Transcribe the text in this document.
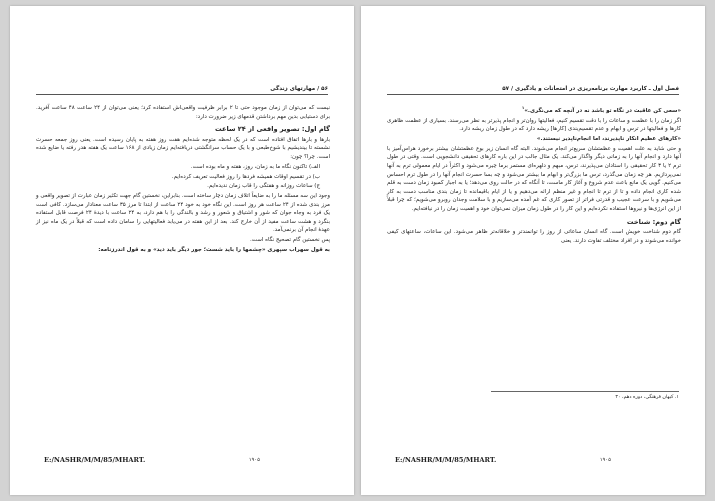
۵۶ / مهارتهای زندگی

نیست که می‌توان از زمان موجود حتی تا ۲ برابر ظرفیت واقعی‌اش استفاده کرد؛ یعنی می‌توان از ۲۴ ساعت ۴۸ ساعت آفرید. برای دستیابی بدین مهم برداشتن قدمهای زیر ضرورت دارد:

گام اول: تصویر واقعی از ۲۴ ساعت

بارها و بارها اتفاق افتاده است که در یک لحظه متوجه شده‌ایم هفت روز هفته به پایان رسیده است. یعنی روز جمعه حسرت نشسته تا بیندیشیم با شوخ‌طبعی و با یک حساب سرانگشتی دریافته‌ایم زمان زیادی از ۱۶۸ ساعت یک هفته هدر رفته یا ضایع شده است. چرا؟ چون:

الف) تاکنون نگاه ما به زمان، روز، هفته و ماه بوده است.

ب) در تقسیم اوقات همیشه فردها را روز فعالیت تعریف کرده‌ایم.

ج) ساعات روزانه و هفتگی را قاب زمان ندیده‌ایم.

وجود این سه مسئله ما را به ضایعاً اتلاف زمان دچار ساخته است. بنابراین، نخستین گام جهت تکثیر زمان عبارت از تصویر واقعی و مرز بندی شده از ۲۴ ساعت هر روز است. این نگاه خود به خود ۲۴ ساعت از ابتدا تا مرز ۳۵ ساعت معنادار می‌سازد. کافی است یک فرد به وجاه جوان که شور و اشتیاق و شعور و رشد و بالندگی را با هم دارد، به ۲۴ ساعت با دیدهٔ ۲۴ فرصت قابل استفاده بنگرد و هشت ساعت مفید از آن خارج کند. بعد از این هفته در می‌یابد فعالیتهایی را سامان داده است که قبلاً در یک ماه نیز از عهدهٔ انجام آن برنمی‌آمد.

پس نخستین گام تصحیح نگاه است.

به قول سهراب سپهری «چشمها را باید شست؛ جور دیگر باید دید» و به قول اندرزنامه:

E:/NASHR/M/M/85/MHART.	۱۹۰۵
فصل اول ـ کاربرد مهارت برنامه‌ریزی در امتحانات و یادگیری / ۵۷

«سعی کن عاقبت در نگاه تو باشد نه در آنچه که می‌نگری.»$^۱$

اگر زمان را با عظمت و ساعات را با دقت تقسیم کنیم، فعالیتها روان‌تر و انجام پذیرتر به نظر می‌رسند. بسیاری از عظمت ظاهری کارها و فعالیتها در ترس و ابهام و عدم تقسیم‌بندی [کارها] ریشه دارد که در طول زمان ریشه دارد.

«کارهای عظیم انکار ناپذیرند، اما انجام‌ناپذیر نیستند.»

و حتی شاید به علت اهمیت و عظمتشان سریع‌تر انجام می‌شوند. البته گاه انسان زیر بوع عظمتشان بیشتر برخورد هراس‌آمیز با آنها دارد و انجام آنها را به زمانی دیگر واگذار می‌کند. یک مثال جالب در این باره کارهای تحقیقی دانشجویی است. وقتی در طول ترم ۲ یا ۳ کار تحقیقی را استادان می‌پذیرند، ترس، مبهم و دلهره‌ای مستمر برما چیره می‌شود و اکثراً در ایام معمولی ترم به آنها نمی‌پردازیم. هر چه زمان می‌گذرد، ترس ما بزرگ‌تر و ابهام ما بیشتر می‌شود و چه بسا حسرت انجام آنها را در طول ترم احساس می‌کنیم. گویی یک مانع باعث عدم شروع و آغاز کار ماست، تا آنگاه که در حالت روی می‌دهد؛ یا به اجبار کمبود زمان دست به قلم شده کاری انجام داده و تا از ترم تا انجام و غیر منظم ارائه می‌دهیم و یا از ایام باقیمانده تا زمان بندی مناسب دست به کار می‌شویم و با سرعت عجیب و قدرتی فراتر از تصور کاری که غم آمده می‌سازیم و با سلامت وجدان روبرو می‌شویم؛ که چرا قبلاً از این انرژی‌ها و نیروها استفاده نکرده‌ایم و این کار را در طول زمان میزان نمی‌توان خود و اهمیت زمان را در نیافته‌ایم.

گام دوم: شناخت

گام دوم شناخت خویش است. گاه انسان ساعاتی از روز را توانمندتر و خلاقانه‌تر ظاهر می‌شود. این ساعات، ساعتهای کیفی خوانده می‌شوند و در افراد مختلف تفاوت دارند. یعنی

۱. کیهان فرهنگی، دوره دهم، ۳۰
E:/NASHR/M/M/85/MHART.	۱۹۰۵
